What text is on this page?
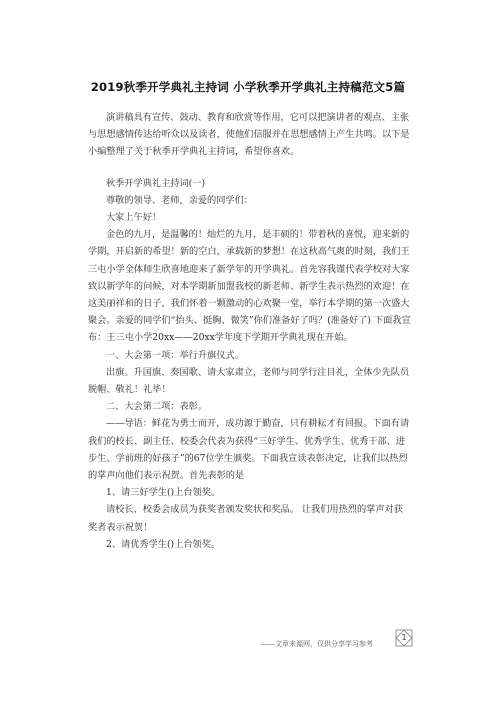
2019秋季开学典礼主持词 小学秋季开学典礼主持稿范文5篇

演讲稿具有宣传、鼓动、教育和欣赏等作用，它可以把演讲者的观点、主张与思想感情传达给听众以及读者，使他们信服并在思想感情上产生共鸣。以下是小编整理了关于秋季开学典礼主持词，希望你喜欢。

秋季开学典礼主持词(一)

尊敬的领导、老师，亲爱的同学们：

大家上午好！

金色的九月，是温馨的！灿烂的九月，是丰硕的！带着秋的喜悦，迎来新的学期，开启新的希望！新的空白，承载新的梦想！在这秋高气爽的时刻，我们王三屯小学全体师生欣喜地迎来了新学年的开学典礼。首先容我谨代表学校对大家致以新学年的问候，对本学期新加盟我校的新老师、新学生表示热烈的欢迎！在这美丽祥和的日子，我们怀着一颗激动的心欢聚一堂，举行本学期的第一次盛大聚会。亲爱的同学们“抬头、挺胸、微笑”你们准备好了吗？(准备好了) 下面我宣布：王三屯小学20xx——20xx学年度下学期开学典礼现在开始。

一、大会第一项：举行升旗仪式。

出旗。升国旗、奏国歌、请大家肃立，老师与同学行注目礼，全体少先队员脱帽、敬礼！礼毕！

二、大会第二项：表彰。

——导语：鲜花为勇士而开，成功源于勤奋，只有耕耘才有回报。下面有请我们的校长、副主任、校委会代表为获得“三好学生、优秀学生、优秀干部、进步生、学前班的好孩子”的67位学生颁奖。下面我宣读表彰决定，让我们以热烈的掌声向他们表示祝贺。首先表彰的是

1、请三好学生()上台领奖。

请校长、校委会成员为获奖者颁发奖状和奖品。 让我们用热烈的掌声对获奖者表示祝贺！

2、请优秀学生()上台领奖。

——文章来源网，仅供分享学习参考
1
